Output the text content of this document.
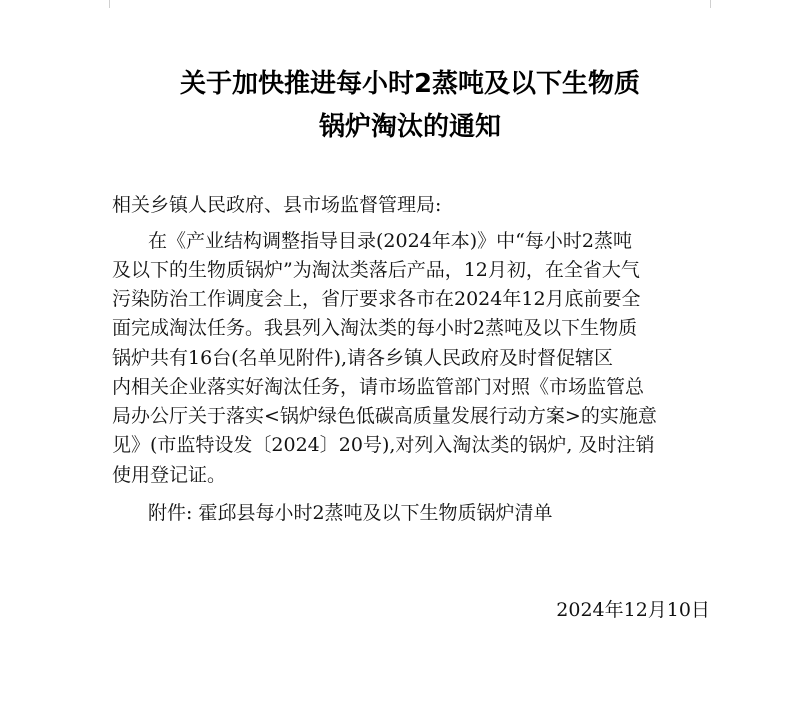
关于加快推进每小时2蒸吨及以下生物质
锅炉淘汰的通知
相关乡镇人民政府、县市场监督管理局:
在《产业结构调整指导目录(2024年本)》中“每小时2蒸吨
及以下的生物质锅炉”为淘汰类落后产品，12月初，在全省大气
污染防治工作调度会上，省厅要求各市在2024年12月底前要全
面完成淘汰任务。我县列入淘汰类的每小时2蒸吨及以下生物质
锅炉共有16台(名单见附件),请各乡镇人民政府及时督促辖区
内相关企业落实好淘汰任务，请市场监管部门对照《市场监管总
局办公厅关于落实<锅炉绿色低碳高质量发展行动方案>的实施意
见》(市监特设发〔2024〕20号),对列入淘汰类的锅炉, 及时注销
使用登记证。
附件: 霍邱县每小时2蒸吨及以下生物质锅炉清单
2024年12月10日
